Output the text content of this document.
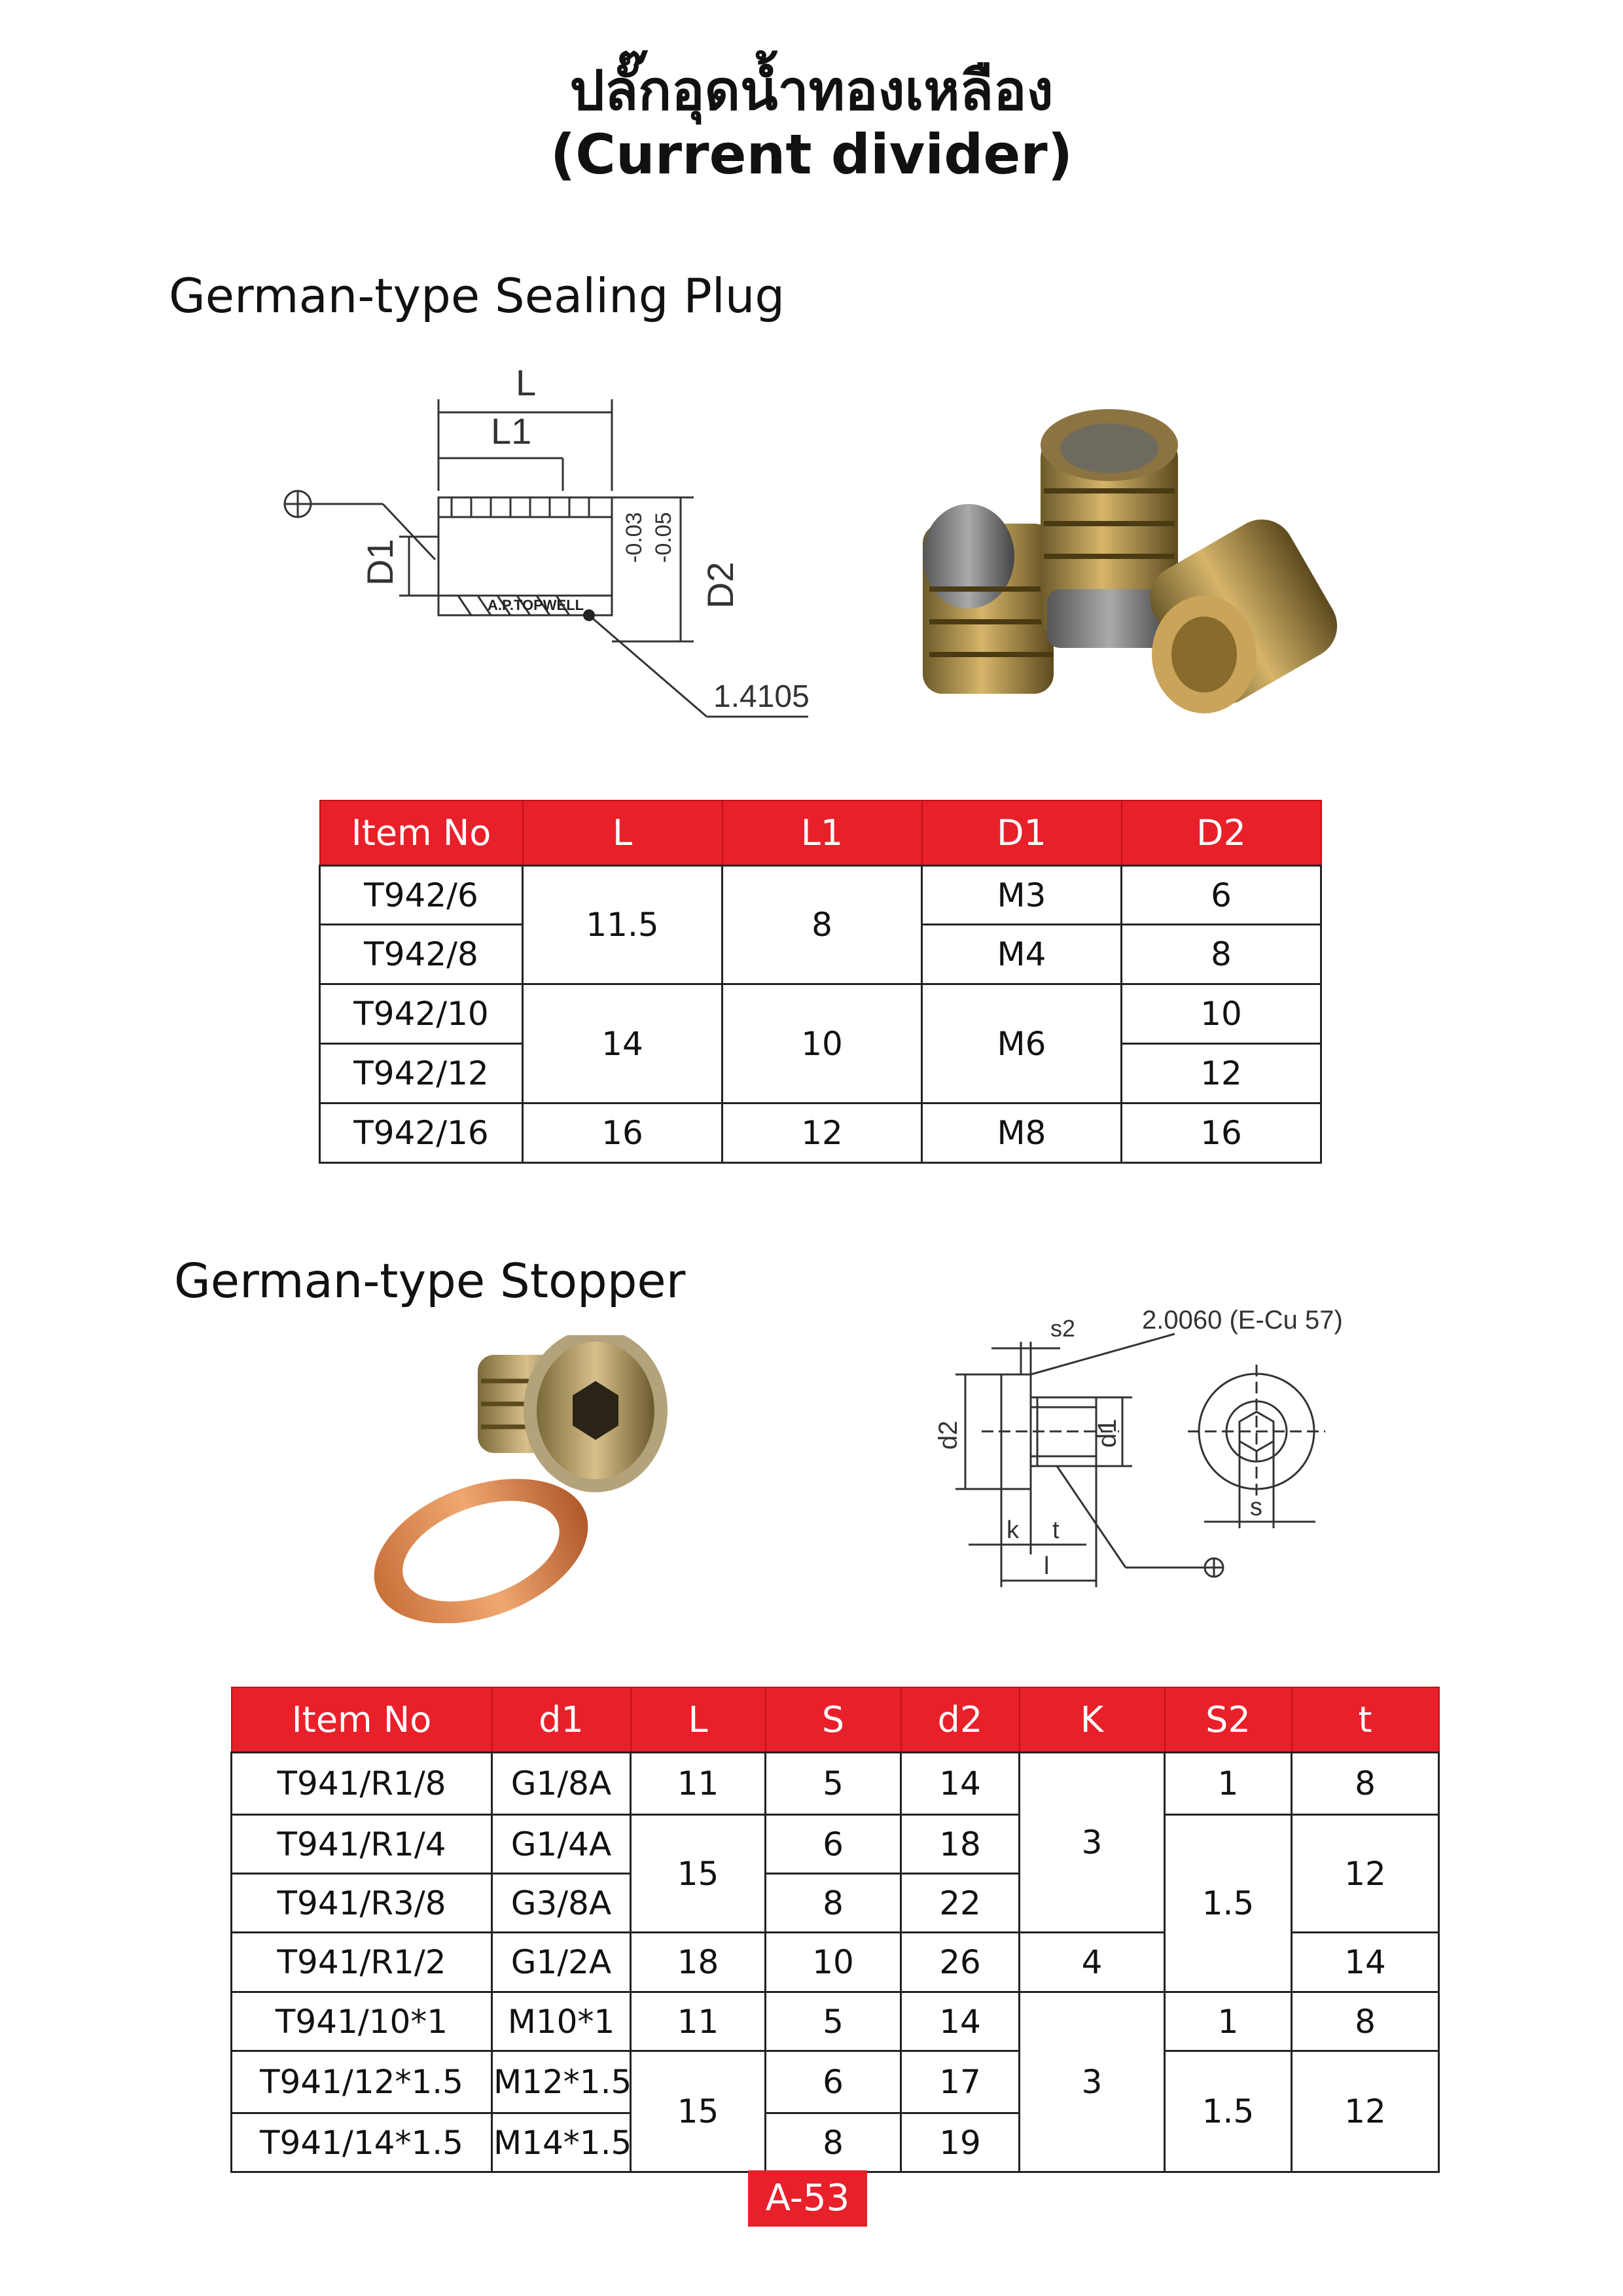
ปลั๊กอุดน้ำทองเหลือง
(Current divider)
German-type Sealing Plug
L
L1
D1	D2
-0.03 -0.05
A.P.TOPWELL
1.4105
Item No	L	L1	D1	D2
T942/6	11.5	8	M3	6
T942/8			M4	8
T942/10	14	10	M6	10
T942/12				12
T942/16	16	12	M8	16
German-type Stopper
s2	2.0060 (E-Cu 57)
d2	d1
k t
l
s
Item No	d1	L	S	d2	K	S2	t
T941/R1/8	G1/8A	11	5	14	3	1	8
T941/R1/4	G1/4A	15	6	18		1.5	12
T941/R3/8	G3/8A		8	22			
T941/R1/2	G1/2A	18	10	26	4		14
T941/10*1	M10*1	11	5	14	3	1	8
T941/12*1.5	M12*1.5	15	6	17		1.5	12
T941/14*1.5	M14*1.5		8	19			
A-53
